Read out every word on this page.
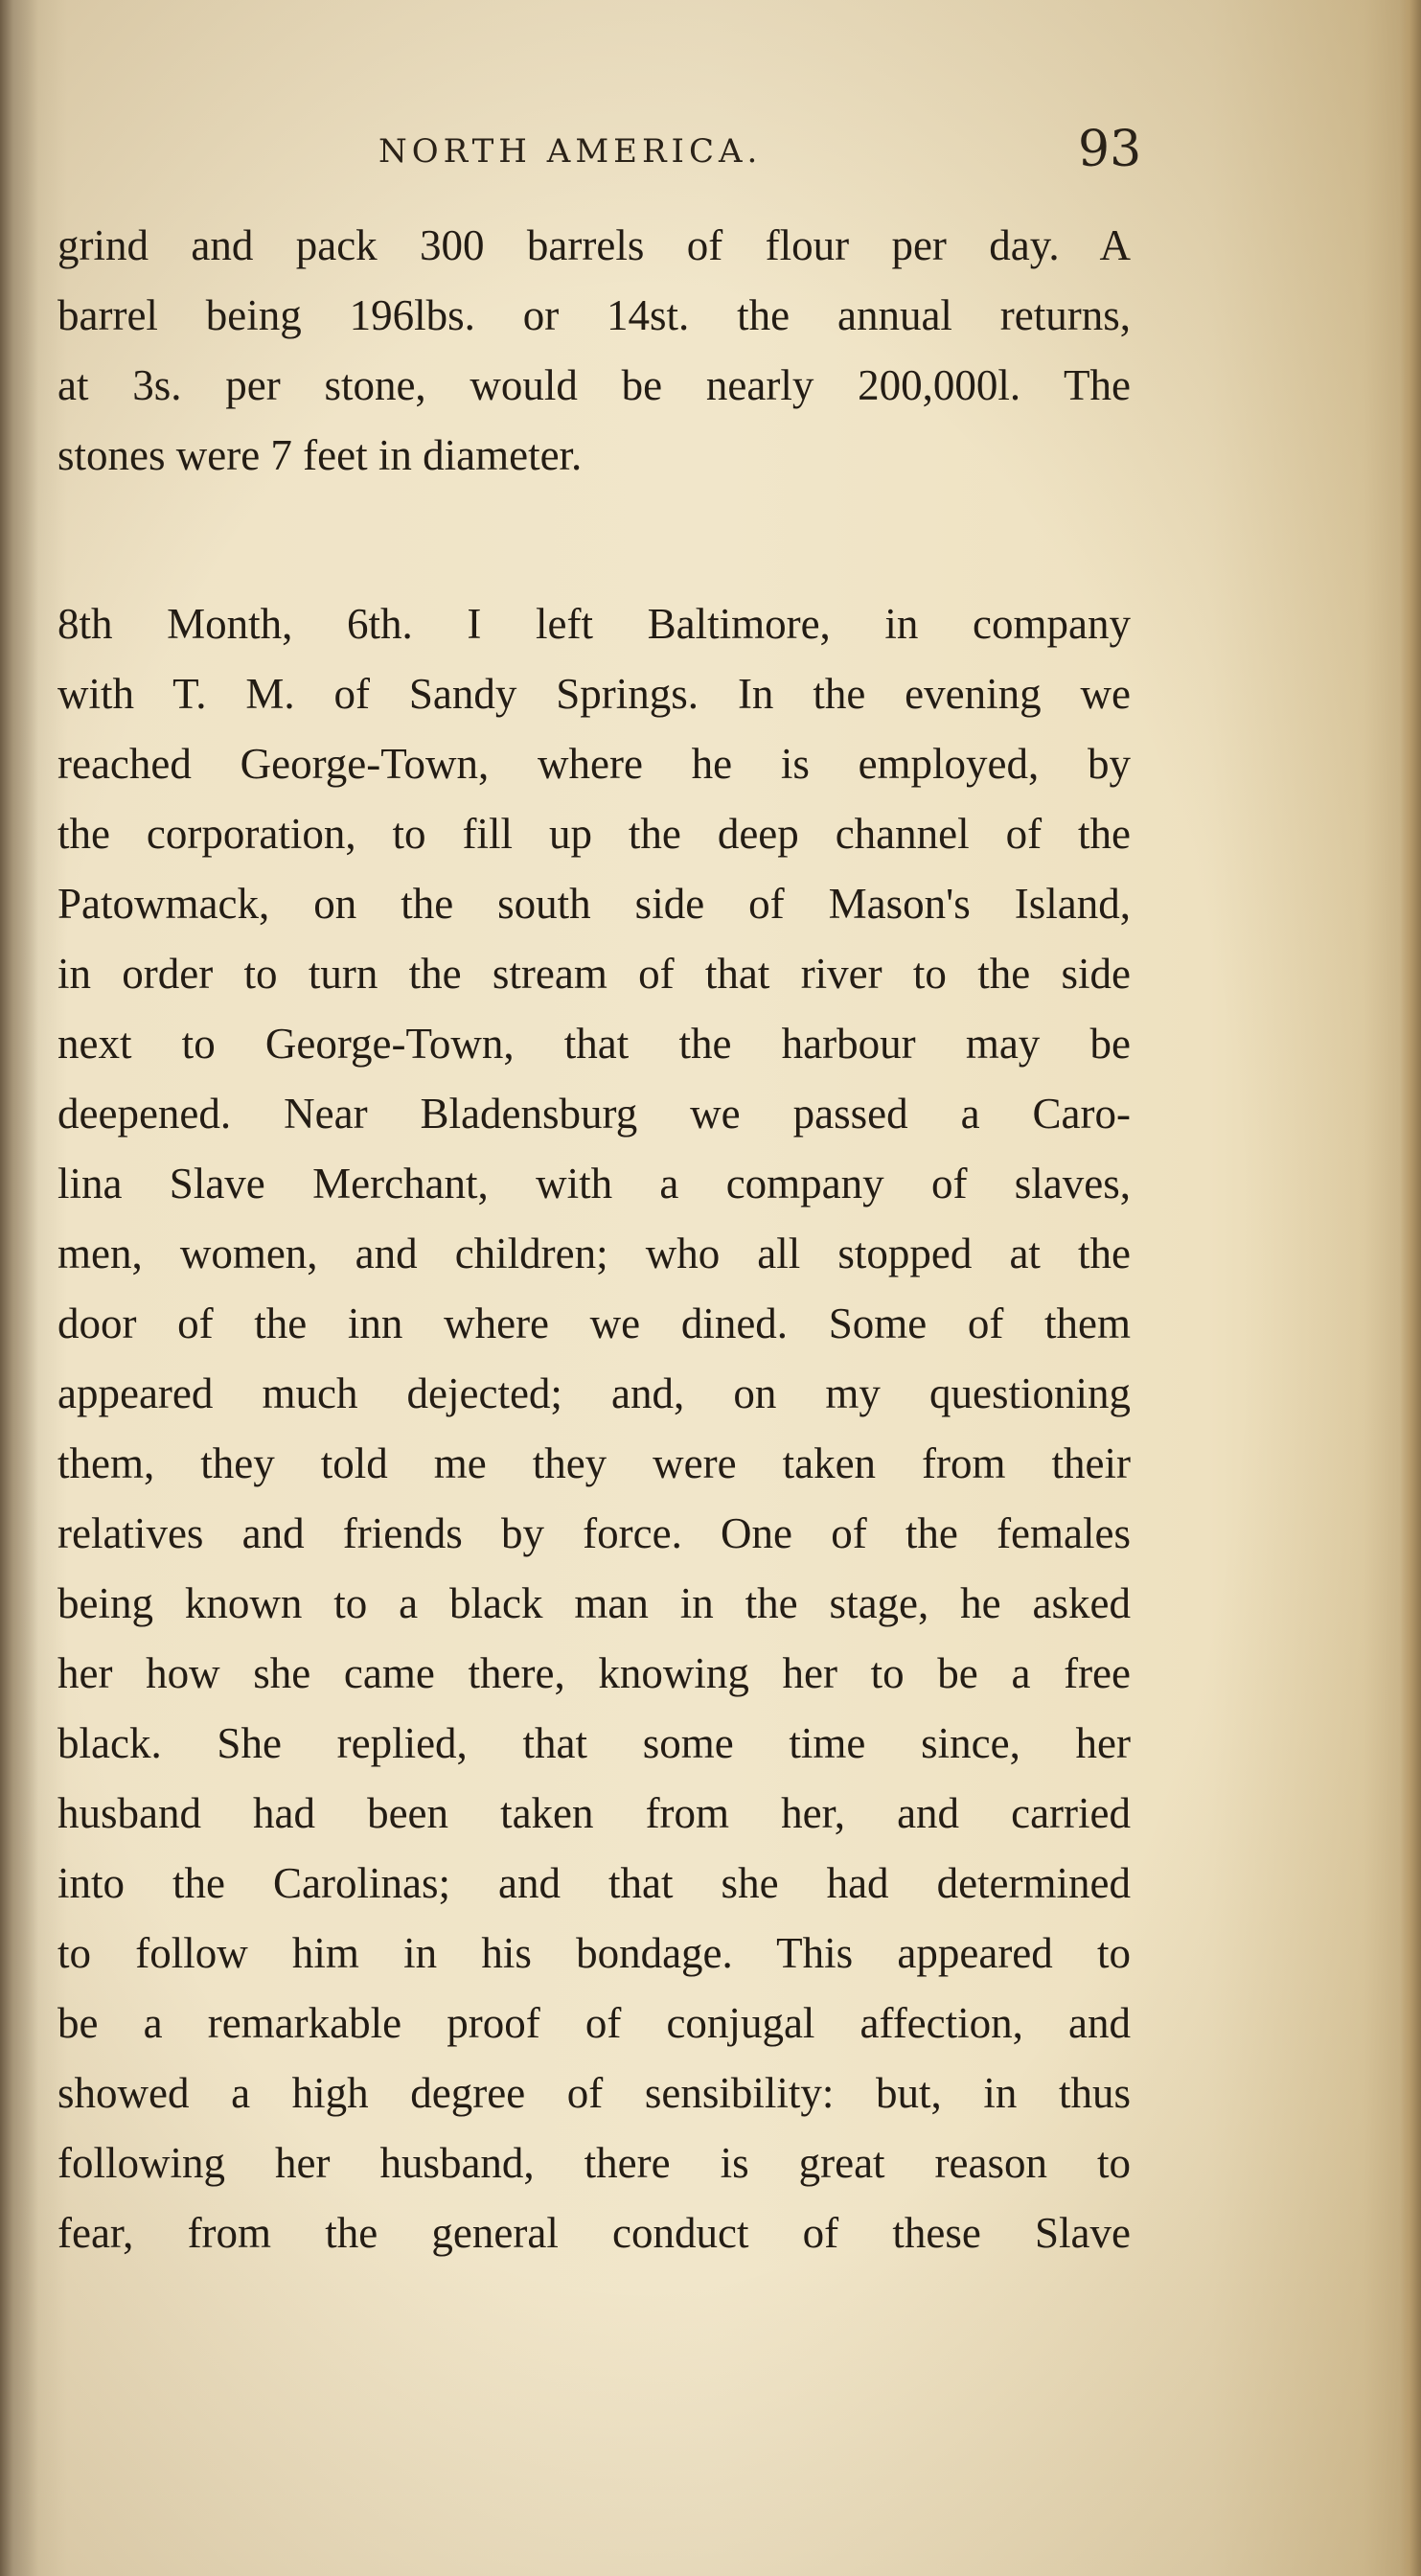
NORTH AMERICA.	93
grind and pack 300 barrels of flour per day. A
barrel being 196lbs. or 14st. the annual returns,
at 3s. per stone, would be nearly 200,000l. The
stones were 7 feet in diameter.
8th Month, 6th. I left Baltimore, in company
with T. M. of Sandy Springs. In the evening we
reached George-Town, where he is employed, by
the corporation, to fill up the deep channel of the
Patowmack, on the south side of Mason's Island,
in order to turn the stream of that river to the side
next to George-Town, that the harbour may be
deepened. Near Bladensburg we passed a Caro-
lina Slave Merchant, with a company of slaves,
men, women, and children; who all stopped at the
door of the inn where we dined. Some of them
appeared much dejected; and, on my questioning
them, they told me they were taken from their
relatives and friends by force. One of the females
being known to a black man in the stage, he asked
her how she came there, knowing her to be a free
black. She replied, that some time since, her
husband had been taken from her, and carried
into the Carolinas; and that she had determined
to follow him in his bondage. This appeared to
be a remarkable proof of conjugal affection, and
showed a high degree of sensibility: but, in thus
following her husband, there is great reason to
fear, from the general conduct of these Slave
